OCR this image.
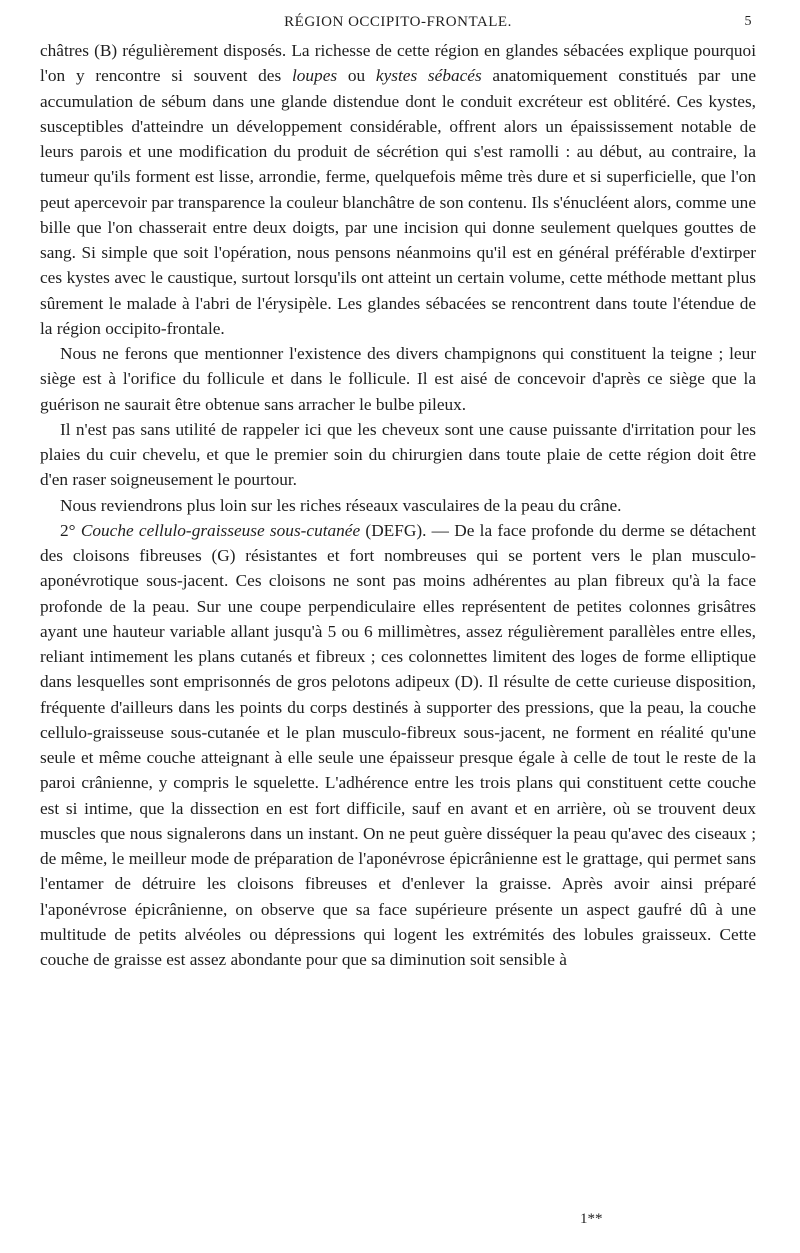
RÉGION OCCIPITO-FRONTALE.	5

châtres (B) régulièrement disposés. La richesse de cette région en glandes sébacées explique pourquoi l'on y rencontre si souvent des loupes ou kystes sébacés anatomiquement constitués par une accumulation de sébum dans une glande distendue dont le conduit excréteur est oblitéré. Ces kystes, susceptibles d'atteindre un développement considérable, offrent alors un épaississement notable de leurs parois et une modification du produit de sécrétion qui s'est ramolli : au début, au contraire, la tumeur qu'ils forment est lisse, arrondie, ferme, quelquefois même très dure et si superficielle, que l'on peut apercevoir par transparence la couleur blanchâtre de son contenu. Ils s'énucléent alors, comme une bille que l'on chasserait entre deux doigts, par une incision qui donne seulement quelques gouttes de sang. Si simple que soit l'opération, nous pensons néanmoins qu'il est en général préférable d'extirper ces kystes avec le caustique, surtout lorsqu'ils ont atteint un certain volume, cette méthode mettant plus sûrement le malade à l'abri de l'érysipèle. Les glandes sébacées se rencontrent dans toute l'étendue de la région occipito-frontale.

Nous ne ferons que mentionner l'existence des divers champignons qui constituent la teigne ; leur siège est à l'orifice du follicule et dans le follicule. Il est aisé de concevoir d'après ce siège que la guérison ne saurait être obtenue sans arracher le bulbe pileux.

Il n'est pas sans utilité de rappeler ici que les cheveux sont une cause puissante d'irritation pour les plaies du cuir chevelu, et que le premier soin du chirurgien dans toute plaie de cette région doit être d'en raser soigneusement le pourtour.

Nous reviendrons plus loin sur les riches réseaux vasculaires de la peau du crâne.

2° Couche cellulo-graisseuse sous-cutanée (DEFG). — De la face profonde du derme se détachent des cloisons fibreuses (G) résistantes et fort nombreuses qui se portent vers le plan musculo-aponévrotique sous-jacent. Ces cloisons ne sont pas moins adhérentes au plan fibreux qu'à la face profonde de la peau. Sur une coupe perpendiculaire elles représentent de petites colonnes grisâtres ayant une hauteur variable allant jusqu'à 5 ou 6 millimètres, assez régulièrement parallèles entre elles, reliant intimement les plans cutanés et fibreux ; ces colonnettes limitent des loges de forme elliptique dans lesquelles sont emprisonnés de gros pelotons adipeux (D). Il résulte de cette curieuse disposition, fréquente d'ailleurs dans les points du corps destinés à supporter des pressions, que la peau, la couche cellulo-graisseuse sous-cutanée et le plan musculo-fibreux sous-jacent, ne forment en réalité qu'une seule et même couche atteignant à elle seule une épaisseur presque égale à celle de tout le reste de la paroi crânienne, y compris le squelette. L'adhérence entre les trois plans qui constituent cette couche est si intime, que la dissection en est fort difficile, sauf en avant et en arrière, où se trouvent deux muscles que nous signalerons dans un instant. On ne peut guère disséquer la peau qu'avec des ciseaux ; de même, le meilleur mode de préparation de l'aponévrose épicrânienne est le grattage, qui permet sans l'entamer de détruire les cloisons fibreuses et d'enlever la graisse. Après avoir ainsi préparé l'aponévrose épicrânienne, on observe que sa face supérieure présente un aspect gaufré dû à une multitude de petits alvéoles ou dépressions qui logent les extrémités des lobules graisseux. Cette couche de graisse est assez abondante pour que sa diminution soit sensible à

1**
